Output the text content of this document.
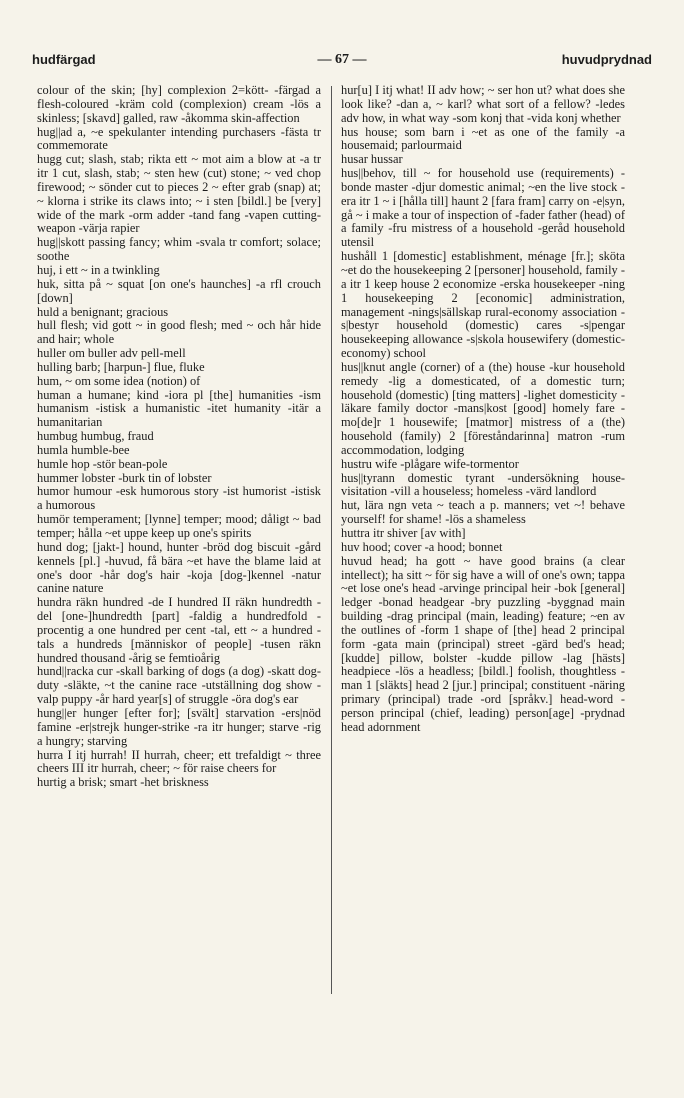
hudfärgad	— 67 —	huvudprydnad

colour of the skin; [hy] complexion 2=kött- -färgad a flesh-coloured -kräm cold (complexion) cream -lös a skinless; [skavd] galled, raw -åkomma skin-affection

hug||ad a, ~e spekulanter intending purchasers -fästa tr commemorate

hugg cut; slash, stab; rikta ett ~ mot aim a blow at -a tr itr 1 cut, slash, stab; ~ sten hew (cut) stone; ~ ved chop firewood; ~ sönder cut to pieces 2 ~ efter grab (snap) at; ~ klorna i strike its claws into; ~ i sten [bildl.] be [very] wide of the mark -orm adder -tand fang -vapen cutting-weapon -värja rapier

hug||skott passing fancy; whim -svala tr comfort; solace; soothe

huj, i ett ~ in a twinkling

huk, sitta på ~ squat [on one's haunches] -a rfl crouch [down]

huld a benignant; gracious

hull flesh; vid gott ~ in good flesh; med ~ och hår hide and hair; whole

huller om buller adv pell-mell

hulling barb; [harpun-] flue, fluke

hum, ~ om some idea (notion) of

human a humane; kind -iora pl [the] humanities -ism humanism -istisk a humanistic -itet humanity -itär a humanitarian

humbug humbug, fraud

humla humble-bee

humle hop -stör bean-pole

hummer lobster -burk tin of lobster

humor humour -esk humorous story -ist humorist -istisk a humorous

humör temperament; [lynne] temper; mood; dåligt ~ bad temper; hålla ~et uppe keep up one's spirits

hund dog; [jakt-] hound, hunter -bröd dog biscuit -gård kennels [pl.] -huvud, få bära ~et have the blame laid at one's door -hår dog's hair -koja [dog-]kennel -natur canine nature

hundra räkn hundred -de I hundred II räkn hundredth -del [one-]hundredth [part] -faldig a hundredfold -procentig a one hundred per cent -tal, ett ~ a hundred -tals a hundreds [människor of people] -tusen räkn hundred thousand -årig se femtioårig

hund||racka cur -skall barking of dogs (a dog) -skatt dog-duty -släkte, ~t the canine race -utställning dog show -valp puppy -år hard year[s] of struggle -öra dog's ear

hung||er hunger [efter for]; [svält] starvation -ers|nöd famine -er|strejk hunger-strike -ra itr hunger; starve -rig a hungry; starving

hurra I itj hurrah! II hurrah, cheer; ett trefaldigt ~ three cheers III itr hurrah, cheer; ~ för raise cheers for

hurtig a brisk; smart -het briskness

hur[u] I itj what! II adv how; ~ ser hon ut? what does she look like? -dan a, ~ karl? what sort of a fellow? -ledes adv how, in what way -som konj that -vida konj whether

hus house; som barn i ~et as one of the family -a housemaid; parlourmaid

husar hussar

hus||behov, till ~ for household use (requirements) -bonde master -djur domestic animal; ~en the live stock -era itr 1 ~ i [hålla till] haunt 2 [fara fram] carry on -e|syn, gå ~ i make a tour of inspection of -fader father (head) of a family -fru mistress of a household -geråd household utensil

hushåll 1 [domestic] establishment, ménage [fr.]; sköta ~et do the housekeeping 2 [personer] household, family -a itr 1 keep house 2 economize -erska housekeeper -ning 1 housekeeping 2 [economic] administration, management -nings|sällskap rural-economy association -s|bestyr household (domestic) cares -s|pengar housekeeping allowance -s|skola housewifery (domestic-economy) school

hus||knut angle (corner) of a (the) house -kur household remedy -lig a domesticated, of a domestic turn; household (domestic) [ting matters] -lighet domesticity -läkare family doctor -mans|kost [good] homely fare -mo[de]r 1 housewife; [matmor] mistress of a (the) household (family) 2 [föreståndarinna] matron -rum accommodation, lodging

hustru wife -plågare wife-tormentor

hus||tyrann domestic tyrant -undersökning house-visitation -vill a houseless; homeless -värd landlord

hut, lära ngn veta ~ teach a p. manners; vet ~! behave yourself! for shame! -lös a shameless

huttra itr shiver [av with]

huv hood; cover -a hood; bonnet

huvud head; ha gott ~ have good brains (a clear intellect); ha sitt ~ för sig have a will of one's own; tappa ~et lose one's head -arvinge principal heir -bok [general] ledger -bonad headgear -bry puzzling -byggnad main building -drag principal (main, leading) feature; ~en av the outlines of -form 1 shape of [the] head 2 principal form -gata main (principal) street -gärd bed's head; [kudde] pillow, bolster -kudde pillow -lag [hästs] headpiece -lös a headless; [bildl.] foolish, thoughtless -man 1 [släkts] head 2 [jur.] principal; constituent -näring primary (principal) trade -ord [språkv.] head-word -person principal (chief, leading) person[age] -prydnad head adornment
